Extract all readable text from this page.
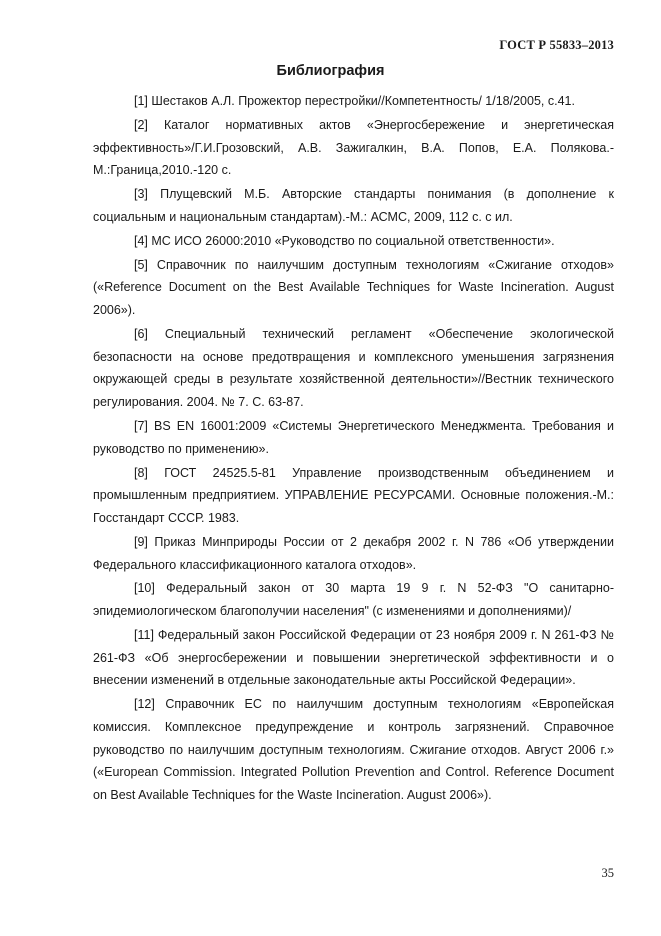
ГОСТ Р 55833–2013
Библиография

[1] Шестаков А.Л. Прожектор перестройки//Компетентность/ 1/18/2005, с.41.

[2] Каталог нормативных актов «Энергосбережение и энергетическая эффективность»/Г.И.Грозовский, А.В. Зажигалкин, В.А. Попов, Е.А. Полякова.-М.:Граница,2010.-120 с.

[3] Плущевский М.Б. Авторские стандарты понимания (в дополнение к социальным и национальным стандартам).-М.: АСМС, 2009, 112 с. с ил.

[4] МС ИСО 26000:2010 «Руководство по социальной ответственности».

[5] Справочник по наилучшим доступным технологиям «Сжигание отходов» («Reference Document on the Best Available Techniques for Waste Incineration. August 2006»).

[6] Специальный технический регламент «Обеспечение экологической безопасности на основе предотвращения и комплексного уменьшения загрязнения окружающей среды в результате хозяйственной деятельности»//Вестник технического регулирования. 2004. № 7. С. 63-87.

[7] BS EN 16001:2009 «Системы Энергетического Менеджмента. Требования и руководство по применению».

[8] ГОСТ 24525.5-81 Управление производственным объединением и промышленным предприятием. УПРАВЛЕНИЕ РЕСУРСАМИ. Основные положения.-М.: Госстандарт СССР. 1983.

[9] Приказ Минприроды России от 2 декабря 2002 г. N 786 «Об утверждении Федерального классификационного каталога отходов».

[10] Федеральный закон от 30 марта 19 9 г. N 52-ФЗ "О санитарно-эпидемиологическом благополучии населения" (с изменениями и дополнениями)/

[11] Федеральный закон Российской Федерации от 23 ноября 2009 г. N 261-ФЗ № 261-ФЗ «Об энергосбережении и повышении энергетической эффективности и о внесении изменений в отдельные законодательные акты Российской Федерации».

[12] Справочник ЕС по наилучшим доступным технологиям «Европейская комиссия. Комплексное предупреждение и контроль загрязнений. Справочное руководство по наилучшим доступным технологиям. Сжигание отходов. Август 2006 г.» («European Commission. Integrated Pollution Prevention and Control. Reference Document on Best Available Techniques for the Waste Incineration. August 2006»).

35
